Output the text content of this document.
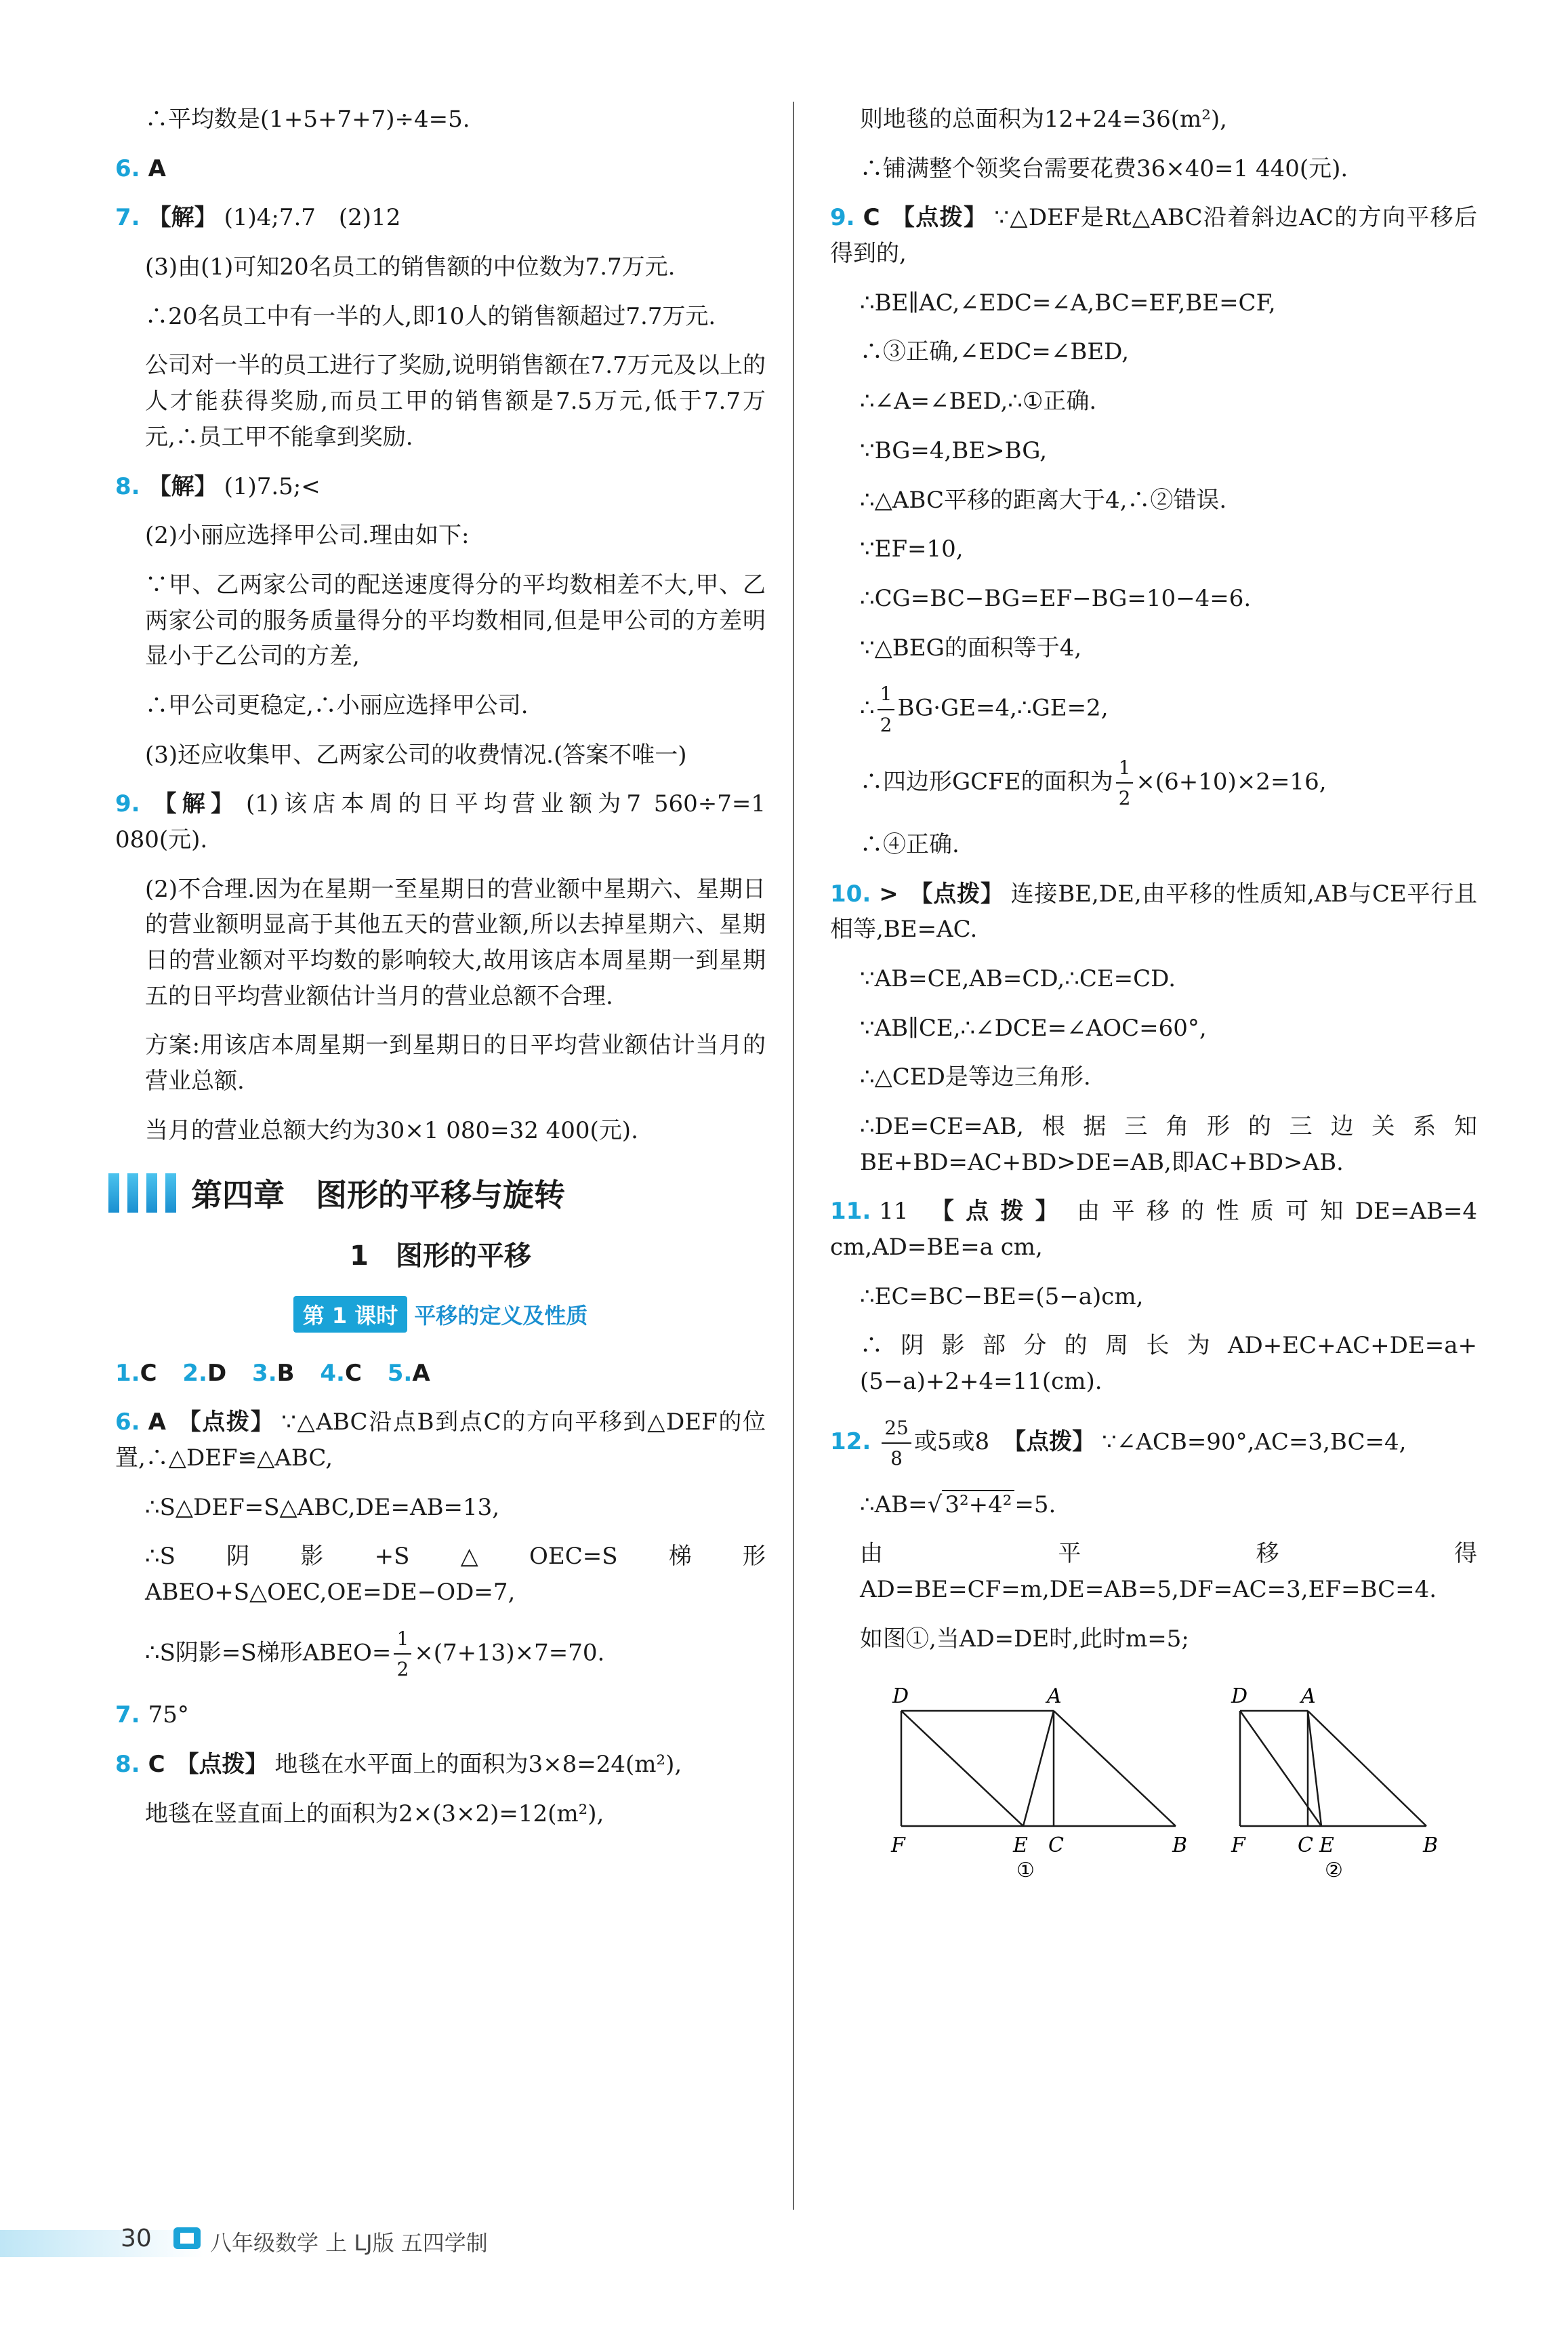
∴平均数是(1+5+7+7)÷4=5.

6. A

7. 【解】 (1)4;7.7　(2)12

(3)由(1)可知20名员工的销售额的中位数为7.7万元.

∴20名员工中有一半的人,即10人的销售额超过7.7万元.

公司对一半的员工进行了奖励,说明销售额在7.7万元及以上的人才能获得奖励,而员工甲的销售额是7.5万元,低于7.7万元,∴员工甲不能拿到奖励.

8. 【解】 (1)7.5;<

(2)小丽应选择甲公司.理由如下:

∵甲、乙两家公司的配送速度得分的平均数相差不大,甲、乙两家公司的服务质量得分的平均数相同,但是甲公司的方差明显小于乙公司的方差,

∴甲公司更稳定,∴小丽应选择甲公司.

(3)还应收集甲、乙两家公司的收费情况.(答案不唯一)

9. 【解】 (1)该店本周的日平均营业额为7 560÷7=1 080(元).

(2)不合理.因为在星期一至星期日的营业额中星期六、星期日的营业额明显高于其他五天的营业额,所以去掉星期六、星期日的营业额对平均数的影响较大,故用该店本周星期一到星期五的日平均营业额估计当月的营业总额不合理.

方案:用该店本周星期一到星期日的日平均营业额估计当月的营业总额.

当月的营业总额大约为30×1 080=32 400(元).

第四章　图形的平移与旋转
1　图形的平移
第 1 课时 平移的定义及性质
1.C 2.D 3.B 4.C 5.A

6. A 【点拨】 ∵△ABC沿点B到点C的方向平移到△DEF的位置,∴△DEF≌△ABC,

∴S△DEF=S△ABC,DE=AB=13,

∴S阴影+S△OEC=S梯形ABEO+S△OEC,OE=DE−OD=7,

∴S阴影=S梯形ABEO= $\frac{1}{2} \times(7+13)\times 7=70$.

7. 75°

8. C 【点拨】 地毯在水平面上的面积为3×8=24(m²),

地毯在竖直面上的面积为2×(3×2)=12(m²),

则地毯的总面积为12+24=36(m²),

∴铺满整个领奖台需要花费36×40=1 440(元).

9. C 【点拨】 ∵△DEF是Rt△ABC沿着斜边AC的方向平移后得到的,

∴BE∥AC,∠EDC=∠A,BC=EF,BE=CF,

∴③正确,∠EDC=∠BED,

∴∠A=∠BED,∴①正确.

∵BG=4,BE>BG,

∴△ABC平移的距离大于4,∴②错误.

∵EF=10,

∴CG=BC−BG=EF−BG=10−4=6.

∵△BEG的面积等于4,

∴ $\frac{1}{2}$ BG·GE=4,∴GE=2,

∴四边形GCFE的面积为 $\frac{1}{2} \times(6+10)\times 2=16$,

∴④正确.

10. > 【点拨】 连接BE,DE,由平移的性质知,AB与CE平行且相等,BE=AC.

∵AB=CE,AB=CD,∴CE=CD.

∵AB∥CE,∴∠DCE=∠AOC=60°,

∴△CED是等边三角形.

∴DE=CE=AB,根据三角形的三边关系知BE+BD=AC+BD>DE=AB,即AC+BD>AB.

11. 11 【点拨】 由平移的性质可知DE=AB=4 cm,AD=BE=a cm,

∴EC=BC−BE=(5−a)cm,

∴阴影部分的周长为AD+EC+AC+DE=a+(5−a)+2+4=11(cm).

12. $\frac{25}{8}$ 或5或8 【点拨】 ∵∠ACB=90°,AC=3,BC=4,

∴AB=√ 3²+4² =5.

由平移得AD=BE=CF=m,DE=AB=5,DF=AC=3,EF=BC=4.

如图①,当AD=DE时,此时m=5;

D	A
F	E C	B
①
D	A
F	C E	B
②
30	八年级数学 上 LJ版 五四学制
